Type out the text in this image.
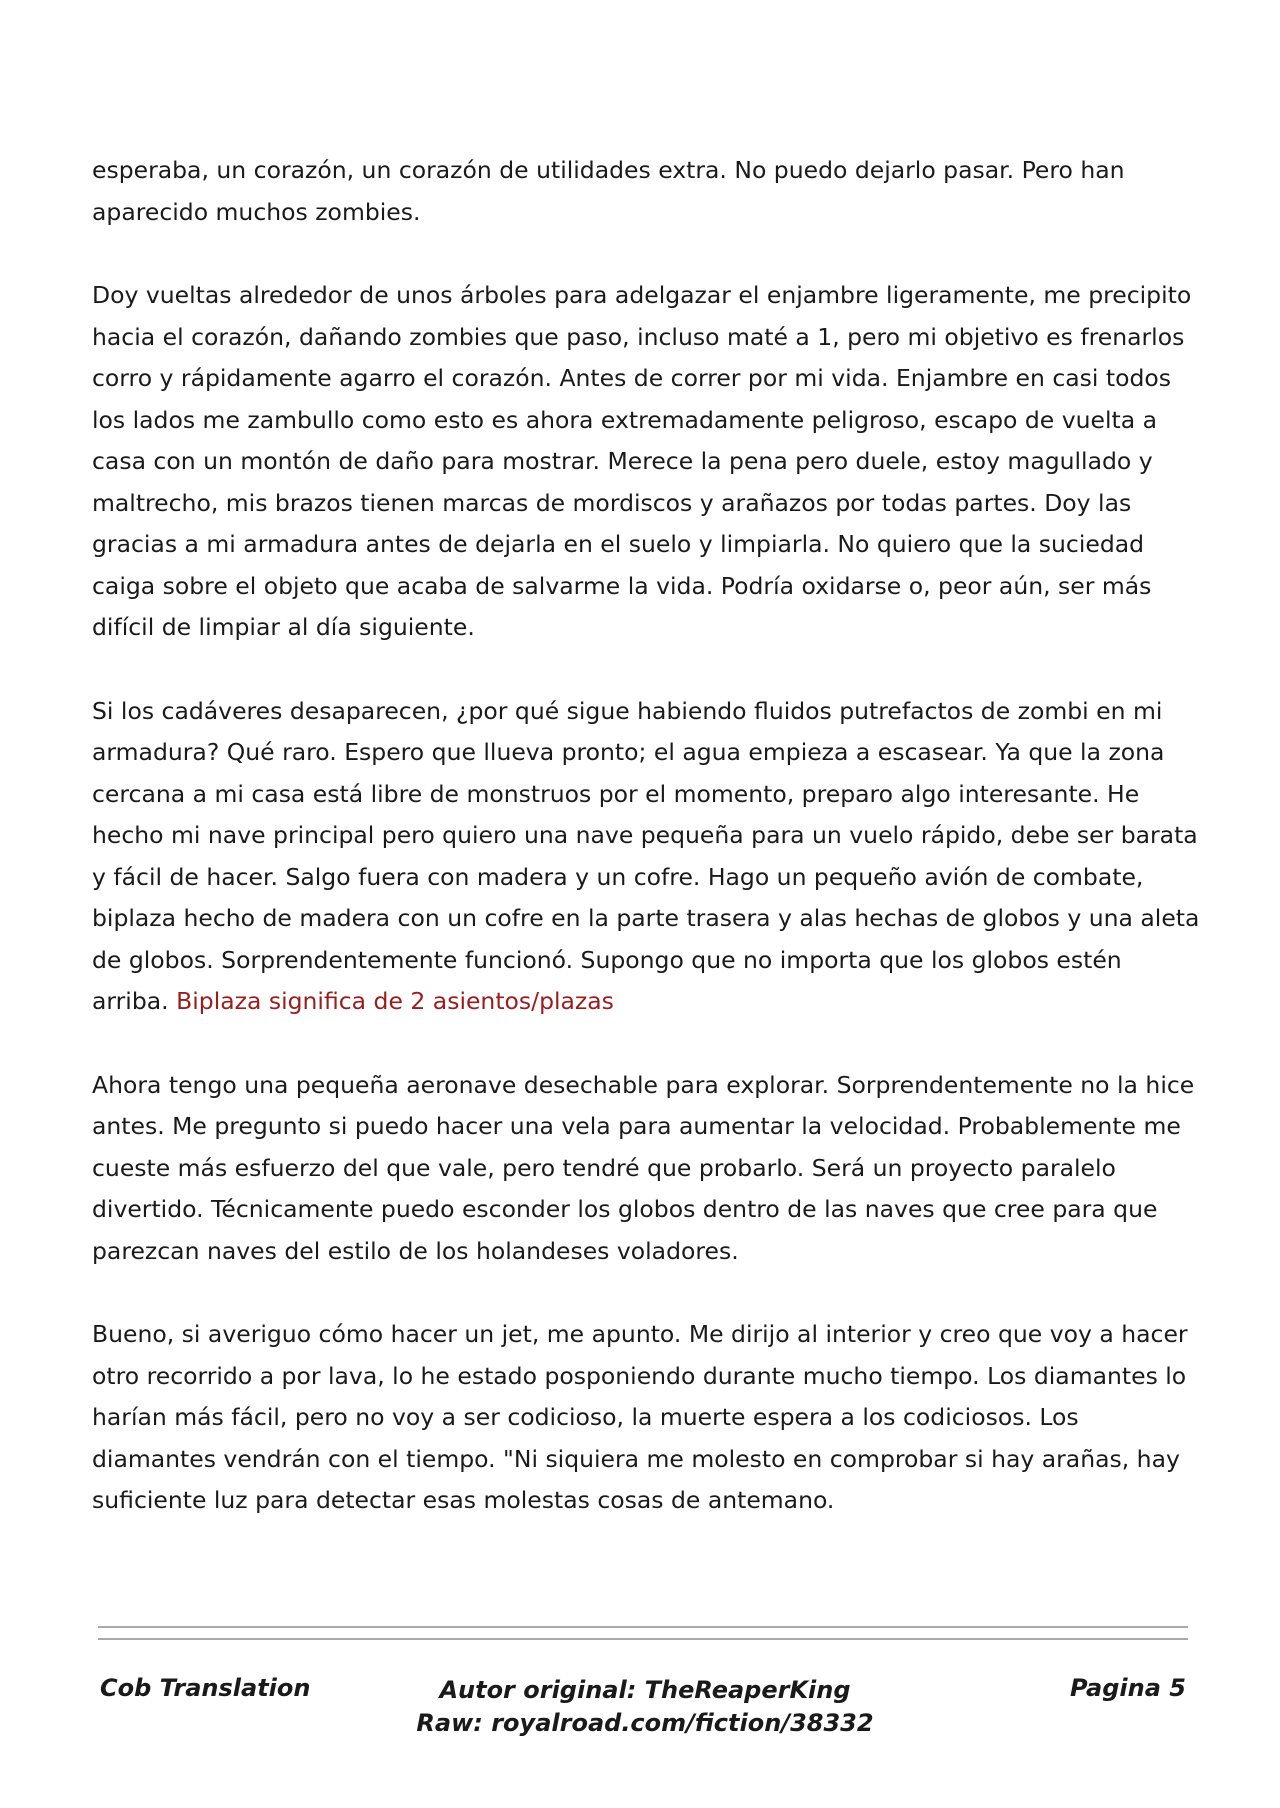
esperaba, un corazón, un corazón de utilidades extra. No puedo dejarlo pasar. Pero han aparecido muchos zombies.

Doy vueltas alrededor de unos árboles para adelgazar el enjambre ligeramente, me precipito hacia el corazón, dañando zombies que paso, incluso maté a 1, pero mi objetivo es frenarlos corro y rápidamente agarro el corazón. Antes de correr por mi vida. Enjambre en casi todos los lados me zambullo como esto es ahora extremadamente peligroso, escapo de vuelta a casa con un montón de daño para mostrar. Merece la pena pero duele, estoy magullado y maltrecho, mis brazos tienen marcas de mordiscos y arañazos por todas partes. Doy las gracias a mi armadura antes de dejarla en el suelo y limpiarla. No quiero que la suciedad caiga sobre el objeto que acaba de salvarme la vida. Podría oxidarse o, peor aún, ser más difícil de limpiar al día siguiente.

Si los cadáveres desaparecen, ¿por qué sigue habiendo fluidos putrefactos de zombi en mi armadura? Qué raro. Espero que llueva pronto; el agua empieza a escasear. Ya que la zona cercana a mi casa está libre de monstruos por el momento, preparo algo interesante. He hecho mi nave principal pero quiero una nave pequeña para un vuelo rápido, debe ser barata y fácil de hacer. Salgo fuera con madera y un cofre. Hago un pequeño avión de combate, biplaza hecho de madera con un cofre en la parte trasera y alas hechas de globos y una aleta de globos. Sorprendentemente funcionó. Supongo que no importa que los globos estén arriba. Biplaza significa de 2 asientos/plazas

Ahora tengo una pequeña aeronave desechable para explorar. Sorprendentemente no la hice antes. Me pregunto si puedo hacer una vela para aumentar la velocidad. Probablemente me cueste más esfuerzo del que vale, pero tendré que probarlo. Será un proyecto paralelo divertido. Técnicamente puedo esconder los globos dentro de las naves que cree para que parezcan naves del estilo de los holandeses voladores.

Bueno, si averiguo cómo hacer un jet, me apunto. Me dirijo al interior y creo que voy a hacer otro recorrido a por lava, lo he estado posponiendo durante mucho tiempo. Los diamantes lo harían más fácil, pero no voy a ser codicioso, la muerte espera a los codiciosos. Los diamantes vendrán con el tiempo. "Ni siquiera me molesto en comprobar si hay arañas, hay suficiente luz para detectar esas molestas cosas de antemano.

Cob Translation	Autor original: TheReaperKing
Raw: royalroad.com/fiction/38332
Pagina 5
